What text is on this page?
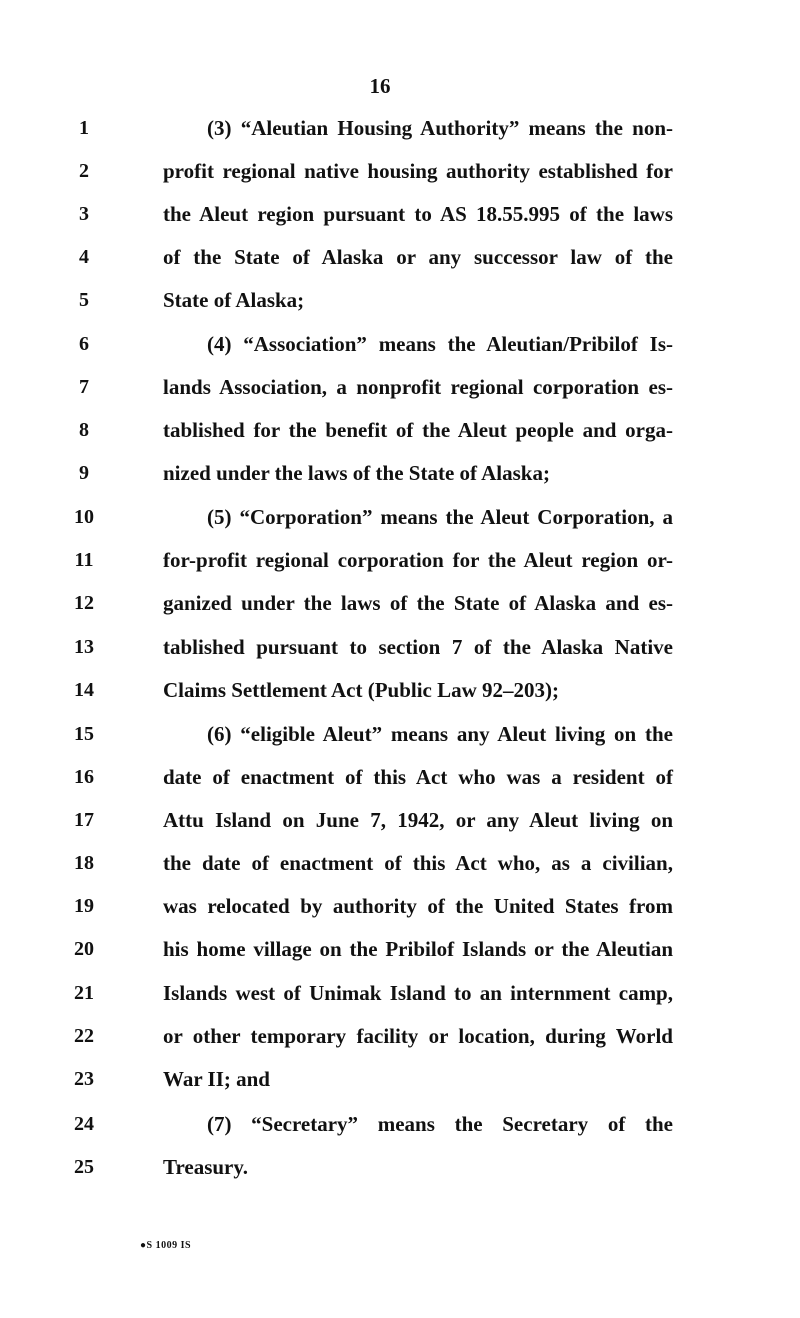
16
1	(3) “Aleutian Housing Authority” means the non-
2	profit regional native housing authority established for
3	the Aleut region pursuant to AS 18.55.995 of the laws
4	of the State of Alaska or any successor law of the
5	State of Alaska;
6	(4) “Association” means the Aleutian/Pribilof Is-
7	lands Association, a nonprofit regional corporation es-
8	tablished for the benefit of the Aleut people and orga-
9	nized under the laws of the State of Alaska;
10	(5) “Corporation” means the Aleut Corporation, a
11	for-profit regional corporation for the Aleut region or-
12	ganized under the laws of the State of Alaska and es-
13	tablished pursuant to section 7 of the Alaska Native
14	Claims Settlement Act (Public Law 92–203);
15	(6) “eligible Aleut” means any Aleut living on the
16	date of enactment of this Act who was a resident of
17	Attu Island on June 7, 1942, or any Aleut living on
18	the date of enactment of this Act who, as a civilian,
19	was relocated by authority of the United States from
20	his home village on the Pribilof Islands or the Aleutian
21	Islands west of Unimak Island to an internment camp,
22	or other temporary facility or location, during World
23	War II; and
24	(7) “Secretary” means the Secretary of the
25	Treasury.
●S 1009 IS
